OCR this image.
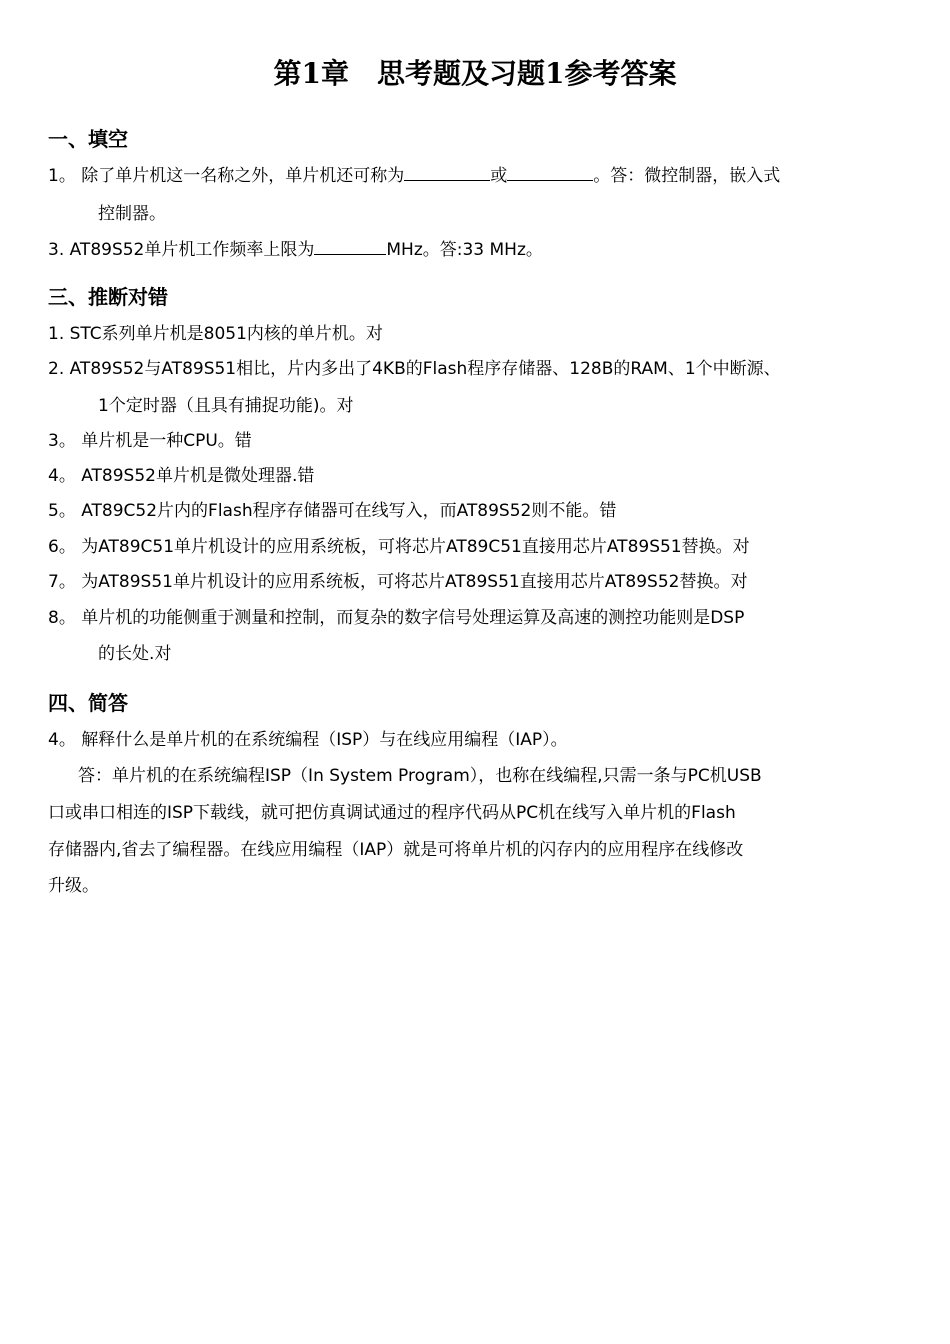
第1章　思考题及习题1参考答案
一、填空
1。 除了单片机这一名称之外，单片机还可称为	或	。答：微控制器，嵌入式
控制器。
3. AT89S52单片机工作频率上限为	MHz。答:33 MHz。
三、推断对错
1. STC系列单片机是8051内核的单片机。对
2. AT89S52与AT89S51相比，片内多出了4KB的Flash程序存储器、128B的RAM、1个中断源、
1个定时器（且具有捕捉功能)。对
3。 单片机是一种CPU。错
4。 AT89S52单片机是微处理器.错
5。 AT89C52片内的Flash程序存储器可在线写入，而AT89S52则不能。错
6。 为AT89C51单片机设计的应用系统板，可将芯片AT89C51直接用芯片AT89S51替换。对
7。 为AT89S51单片机设计的应用系统板，可将芯片AT89S51直接用芯片AT89S52替换。对
8。 单片机的功能侧重于测量和控制，而复杂的数字信号处理运算及高速的测控功能则是DSP
的长处.对
四、简答
4。 解释什么是单片机的在系统编程（ISP）与在线应用编程（IAP）。
答：单片机的在系统编程ISP（In System Program），也称在线编程,只需一条与PC机USB
口或串口相连的ISP下载线，就可把仿真调试通过的程序代码从PC机在线写入单片机的Flash
存储器内,省去了编程器。在线应用编程（IAP）就是可将单片机的闪存内的应用程序在线修改
升级。
